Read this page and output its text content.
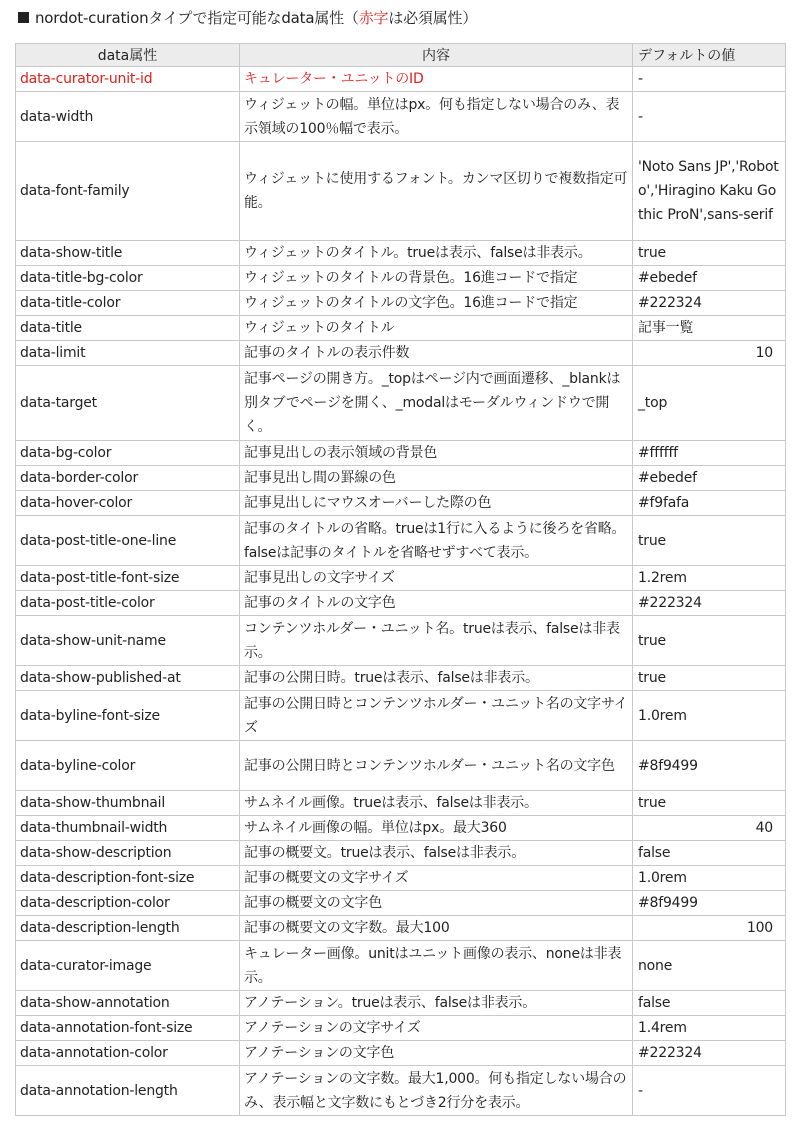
nordot-curationタイプで指定可能なdata属性（赤字は必須属性）
data属性	内容	デフォルトの値
data-curator-unit-id	キュレーター・ユニットのID	-
data-width	ウィジェットの幅。単位はpx。何も指定しない場合のみ、表示領域の100％幅で表示。	-
data-font-family	ウィジェットに使用するフォント。カンマ区切りで複数指定可能。	'Noto Sans JP','Roboto','Hiragino Kaku Gothic ProN',sans-serif
data-show-title	ウィジェットのタイトル。trueは表示、falseは非表示。	true
data-title-bg-color	ウィジェットのタイトルの背景色。16進コードで指定	#ebedef
data-title-color	ウィジェットのタイトルの文字色。16進コードで指定	#222324
data-title	ウィジェットのタイトル	記事一覧
data-limit	記事のタイトルの表示件数	10
data-target	記事ページの開き方。_topはページ内で画面遷移、_blankは別タブでページを開く、_modalはモーダルウィンドウで開く。	_top
data-bg-color	記事見出しの表示領域の背景色	#ffffff
data-border-color	記事見出し間の罫線の色	#ebedef
data-hover-color	記事見出しにマウスオーバーした際の色	#f9fafa
data-post-title-one-line	記事のタイトルの省略。trueは1行に入るように後ろを省略。falseは記事のタイトルを省略せずすべて表示。	true
data-post-title-font-size	記事見出しの文字サイズ	1.2rem
data-post-title-color	記事のタイトルの文字色	#222324
data-show-unit-name	コンテンツホルダー・ユニット名。trueは表示、falseは非表示。	true
data-show-published-at	記事の公開日時。trueは表示、falseは非表示。	true
data-byline-font-size	記事の公開日時とコンテンツホルダー・ユニット名の文字サイズ	1.0rem
data-byline-color	記事の公開日時とコンテンツホルダー・ユニット名の文字色	#8f9499
data-show-thumbnail	サムネイル画像。trueは表示、falseは非表示。	true
data-thumbnail-width	サムネイル画像の幅。単位はpx。最大360	40
data-show-description	記事の概要文。trueは表示、falseは非表示。	false
data-description-font-size	記事の概要文の文字サイズ	1.0rem
data-description-color	記事の概要文の文字色	#8f9499
data-description-length	記事の概要文の文字数。最大100	100
data-curator-image	キュレーター画像。unitはユニット画像の表示、noneは非表示。	none
data-show-annotation	アノテーション。trueは表示、falseは非表示。	false
data-annotation-font-size	アノテーションの文字サイズ	1.4rem
data-annotation-color	アノテーションの文字色	#222324
data-annotation-length	アノテーションの文字数。最大1,000。何も指定しない場合のみ、表示幅と文字数にもとづき2行分を表示。	-
